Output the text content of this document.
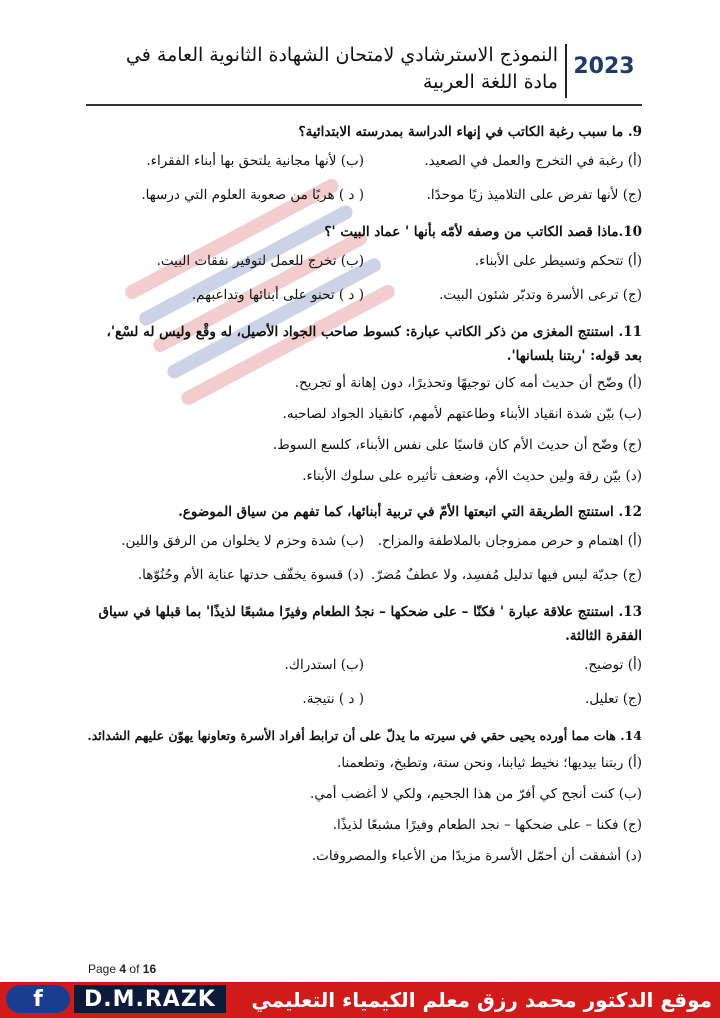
2023
النموذج الاسترشادي لامتحان الشهادة الثانوية العامة في مادة اللغة العربية

9. ما سبب رغبة الكاتب في إنهاء الدراسة بمدرسته الابتدائية؟

(أ) رغبة في التخرج والعمل في الصعيد.
(ب) لأنها مجانية يلتحق بها أبناء الفقراء.
(ج) لأنها تفرض على التلاميذ زيًا موحدًا.
( د ) هربًا من صعوبة العلوم التي درسها.

10.ماذا قصد الكاتب من وصفه لأمّه بأنها ' عماد البيت '؟

(أ) تتحكم وتسيطر على الأبناء.
(ب) تخرج للعمل لتوفير نفقات البيت.
(ج) ترعى الأسرة وتدبّر شئون البيت.
( د ) تحنو على أبنائها وتداعبهم.

11. استنتج المغزى من ذكر الكاتب عبارة: كسوط صاحب الجواد الأصيل، له وقْع وليس له لسْع'، بعد قوله: 'ربتنا بلسانها'.

(أ) وضّح أن حديث أمه كان توجيهًا وتحذيرًا، دون إهانة أو تجريح.
(ب) بيّن شدة انقياد الأبناء وطاعتهم لأمهم، كانقياد الجواد لصاحبه.
(ج) وضّح أن حديث الأم كان قاسيًا على نفس الأبناء، كلسع السوط.
(د) بيّن رقة ولين حديث الأم، وضعف تأثيره على سلوك الأبناء.

12. استنتج الطريقة التي اتبعتها الأمّ في تربية أبنائها، كما تفهم من سياق الموضوع.

(أ) اهتمام و حرص ممزوجان بالملاطفة والمزاح.
(ب) شدة وحزم لا يخلوان من الرفق واللين.
(ج) جديّة ليس فيها تدليل مُفسِد، ولا عطفٌ مُضرّ.
(د) قسوة يخفّف حدتها عناية الأم وحُنُوّها.

13. استنتج علاقة عبارة ' فكنّا – على ضحكها – نجدُ الطعام وفيرًا مشبعًا لذيذًا' بما قبلها في سياق الفقرة الثالثة.

(أ) توضيح.
(ب) استدراك.
(ج) تعليل.
( د ) نتيجة.

14. هات مما أورده يحيى حقي في سيرته ما يدلّ على أن ترابط أفراد الأسرة وتعاونها يهوّن عليهم الشدائد.

(أ) ربتنا بيديها؛ نخيط ثيابنا، ونحن ستة، وتطبخ، وتطعمنا.
(ب) كنت أنجح كي أفرّ من هذا الجحيم، ولكي لا أغضب أمي.
(ج) فكنا – على ضحكها – نجد الطعام وفيرًا مشبعًا لذيذًا.
(د) أشفقت أن أحمّل الأسرة مزيدًا من الأعباء والمصروفات.
Page 4 of 16
f	D.M.RAZK	موقع الدكتور محمد رزق معلم الكيمياء التعليمي
